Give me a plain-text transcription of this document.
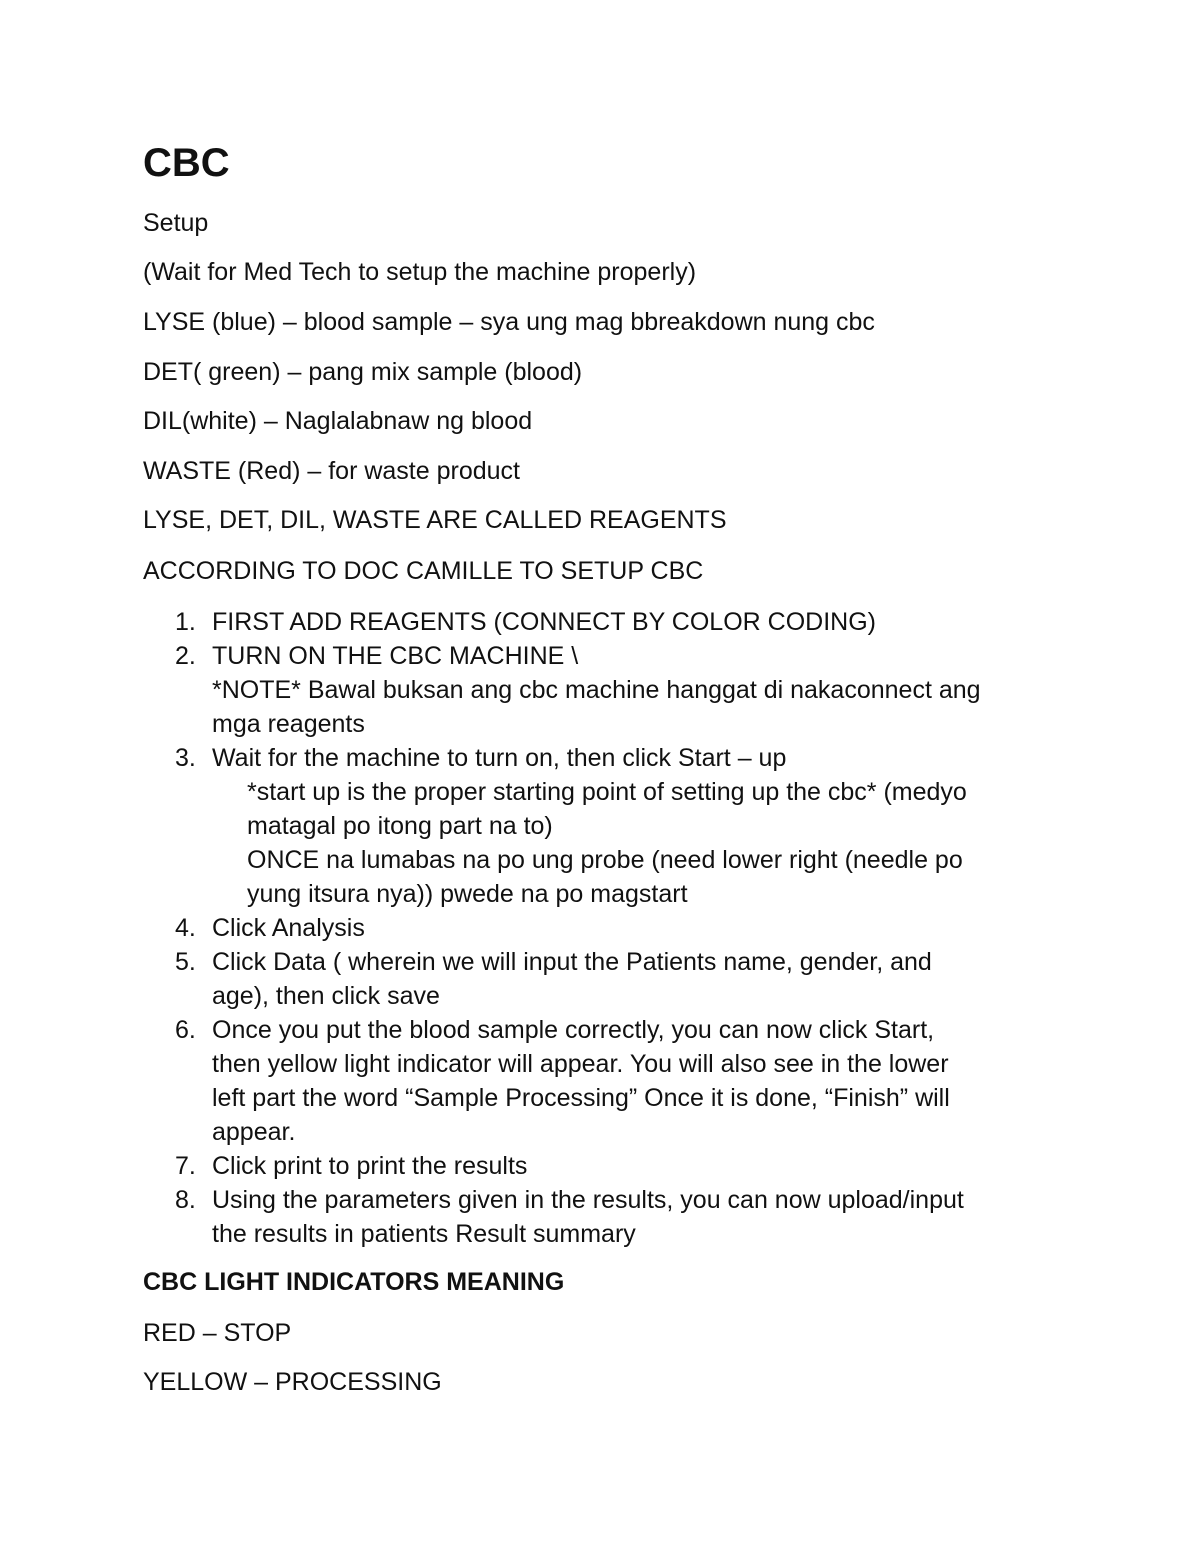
CBC
Setup
(Wait for Med Tech to setup the machine properly)
LYSE (blue) – blood sample – sya ung mag bbreakdown nung cbc
DET( green) – pang mix sample (blood)
DIL(white) – Naglalabnaw ng blood
WASTE (Red) – for waste product
LYSE, DET, DIL, WASTE ARE CALLED REAGENTS
ACCORDING TO DOC CAMILLE TO SETUP CBC
1. FIRST ADD REAGENTS (CONNECT BY COLOR CODING)
2. TURN ON THE CBC MACHINE \
*NOTE* Bawal buksan ang cbc machine hanggat di nakaconnect ang
mga reagents
3. Wait for the machine to turn on, then click Start – up
*start up is the proper starting point of setting up the cbc* (medyo
matagal po itong part na to)
ONCE na lumabas na po ung probe (need lower right (needle po
yung itsura nya)) pwede na po magstart
4. Click Analysis
5. Click Data ( wherein we will input the Patients name, gender, and
age), then click save
6. Once you put the blood sample correctly, you can now click Start,
then yellow light indicator will appear. You will also see in the lower
left part the word “Sample Processing” Once it is done, “Finish” will
appear.
7. Click print to print the results
8. Using the parameters given in the results, you can now upload/input
the results in patients Result summary
CBC LIGHT INDICATORS MEANING
RED – STOP
YELLOW – PROCESSING
